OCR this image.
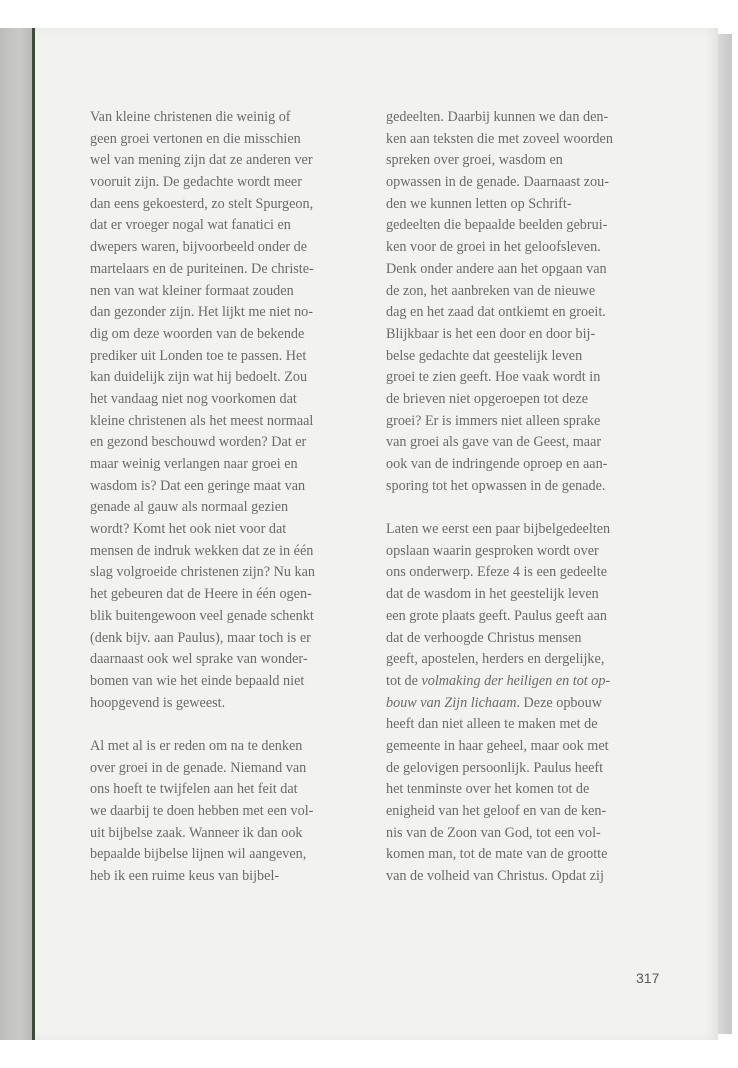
Van kleine christenen die weinig of
geen groei vertonen en die misschien
wel van mening zijn dat ze anderen ver
vooruit zijn. De gedachte wordt meer
dan eens gekoesterd, zo stelt Spurgeon,
dat er vroeger nogal wat fanatici en
dwepers waren, bijvoorbeeld onder de
martelaars en de puriteinen. De christe-
nen van wat kleiner formaat zouden
dan gezonder zijn. Het lijkt me niet no-
dig om deze woorden van de bekende
prediker uit Londen toe te passen. Het
kan duidelijk zijn wat hij bedoelt. Zou
het vandaag niet nog voorkomen dat
kleine christenen als het meest normaal
en gezond beschouwd worden? Dat er
maar weinig verlangen naar groei en
wasdom is? Dat een geringe maat van
genade al gauw als normaal gezien
wordt? Komt het ook niet voor dat
mensen de indruk wekken dat ze in één
slag volgroeide christenen zijn? Nu kan
het gebeuren dat de Heere in één ogen-
blik buitengewoon veel genade schenkt
(denk bijv. aan Paulus), maar toch is er
daarnaast ook wel sprake van wonder-
bomen van wie het einde bepaald niet
hoopgevend is geweest.
Al met al is er reden om na te denken
over groei in de genade. Niemand van
ons hoeft te twijfelen aan het feit dat
we daarbij te doen hebben met een vol-
uit bijbelse zaak. Wanneer ik dan ook
bepaalde bijbelse lijnen wil aangeven,
heb ik een ruime keus van bijbel-
gedeelten. Daarbij kunnen we dan den-
ken aan teksten die met zoveel woorden
spreken over groei, wasdom en
opwassen in de genade. Daarnaast zou-
den we kunnen letten op Schrift-
gedeelten die bepaalde beelden gebrui-
ken voor de groei in het geloofsleven.
Denk onder andere aan het opgaan van
de zon, het aanbreken van de nieuwe
dag en het zaad dat ontkiemt en groeit.
Blijkbaar is het een door en door bij-
belse gedachte dat geestelijk leven
groei te zien geeft. Hoe vaak wordt in
de brieven niet opgeroepen tot deze
groei? Er is immers niet alleen sprake
van groei als gave van de Geest, maar
ook van de indringende oproep en aan-
sporing tot het opwassen in de genade.
Laten we eerst een paar bijbelgedeelten
opslaan waarin gesproken wordt over
ons onderwerp. Efeze 4 is een gedeelte
dat de wasdom in het geestelijk leven
een grote plaats geeft. Paulus geeft aan
dat de verhoogde Christus mensen
geeft, apostelen, herders en dergelijke,
tot de volmaking der heiligen en tot op-
bouw van Zijn lichaam. Deze opbouw
heeft dan niet alleen te maken met de
gemeente in haar geheel, maar ook met
de gelovigen persoonlijk. Paulus heeft
het tenminste over het komen tot de
enigheid van het geloof en van de ken-
nis van de Zoon van God, tot een vol-
komen man, tot de mate van de grootte
van de volheid van Christus. Opdat zij
317
